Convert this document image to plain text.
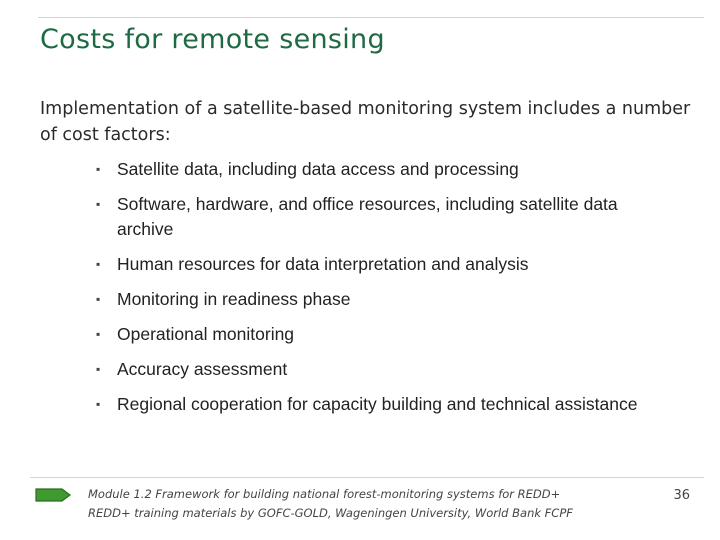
Costs for remote sensing

Implementation of a satellite-based monitoring system includes a number of cost factors:

▪ Satellite data, including data access and processing
▪ Software, hardware, and office resources, including satellite data archive
▪ Human resources for data interpretation and analysis
▪ Monitoring in readiness phase
▪ Operational monitoring
▪ Accuracy assessment
▪ Regional cooperation for capacity building and technical assistance
Module 1.2 Framework for building national forest-monitoring systems for REDD+
REDD+ training materials by GOFC-GOLD, Wageningen University, World Bank FCPF
36
